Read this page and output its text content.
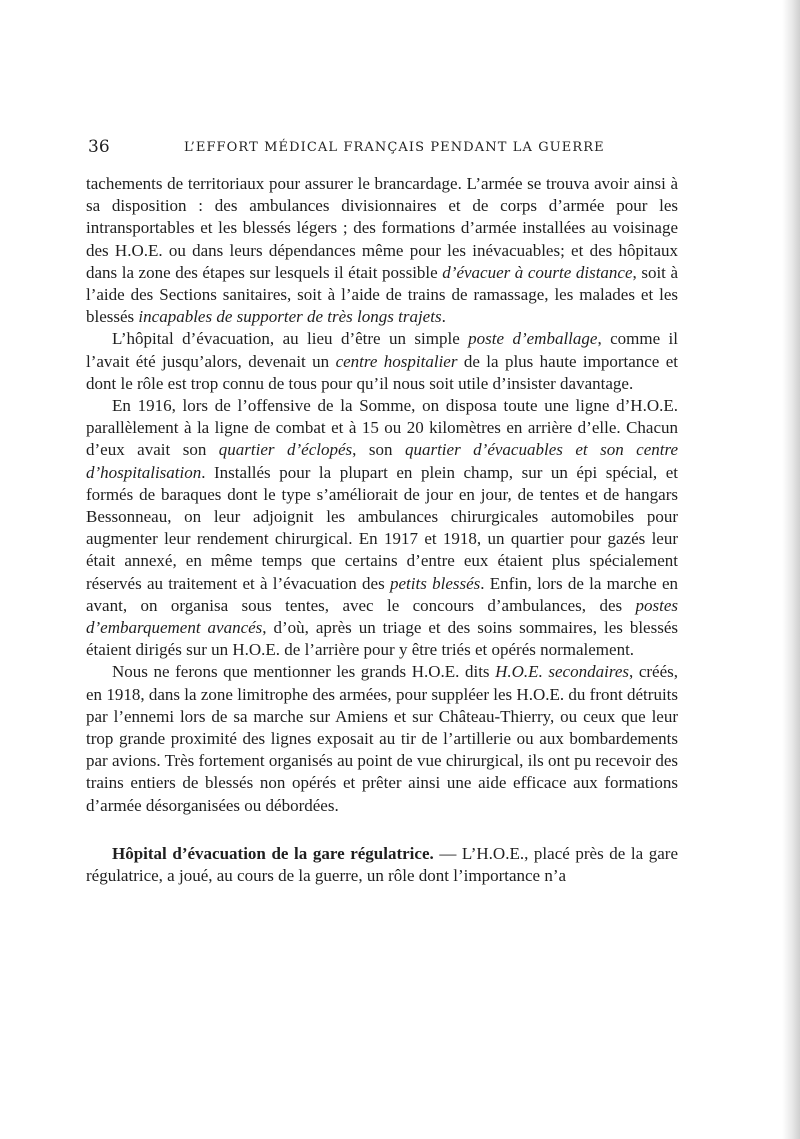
36	L’EFFORT MÉDICAL FRANÇAIS PENDANT LA GUERRE

tachements de territoriaux pour assurer le brancardage. L’armée se trouva avoir ainsi à sa disposition : des ambulances divisionnaires et de corps d’armée pour les intransportables et les blessés légers ; des formations d’armée installées au voisinage des H.O.E. ou dans leurs dépendances même pour les inévacuables; et des hôpitaux dans la zone des étapes sur lesquels il était possible d’évacuer à courte distance, soit à l’aide des Sections sanitaires, soit à l’aide de trains de ramassage, les malades et les blessés incapables de supporter de très longs trajets.

L’hôpital d’évacuation, au lieu d’être un simple poste d’emballage, comme il l’avait été jusqu’alors, devenait un centre hospitalier de la plus haute importance et dont le rôle est trop connu de tous pour qu’il nous soit utile d’insister davantage.

En 1916, lors de l’offensive de la Somme, on disposa toute une ligne d’H.O.E. parallèlement à la ligne de combat et à 15 ou 20 kilomètres en arrière d’elle. Chacun d’eux avait son quartier d’éclopés, son quartier d’évacuables et son centre d’hospitalisation. Installés pour la plupart en plein champ, sur un épi spécial, et formés de baraques dont le type s’améliorait de jour en jour, de tentes et de hangars Bessonneau, on leur adjoignit les ambulances chirurgicales automobiles pour augmenter leur rendement chirurgical. En 1917 et 1918, un quartier pour gazés leur était annexé, en même temps que certains d’entre eux étaient plus spécialement réservés au traitement et à l’évacuation des petits blessés. Enfin, lors de la marche en avant, on organisa sous tentes, avec le concours d’ambulances, des postes d’embarquement avancés, d’où, après un triage et des soins sommaires, les blessés étaient dirigés sur un H.O.E. de l’arrière pour y être triés et opérés normalement.

Nous ne ferons que mentionner les grands H.O.E. dits H.O.E. secondaires, créés, en 1918, dans la zone limitrophe des armées, pour suppléer les H.O.E. du front détruits par l’ennemi lors de sa marche sur Amiens et sur Château-Thierry, ou ceux que leur trop grande proximité des lignes exposait au tir de l’artillerie ou aux bombardements par avions. Très fortement organisés au point de vue chirurgical, ils ont pu recevoir des trains entiers de blessés non opérés et prêter ainsi une aide efficace aux formations d’armée désorganisées ou débordées.

Hôpital d’évacuation de la gare régulatrice. — L’H.O.E., placé près de la gare régulatrice, a joué, au cours de la guerre, un rôle dont l’importance n’a
